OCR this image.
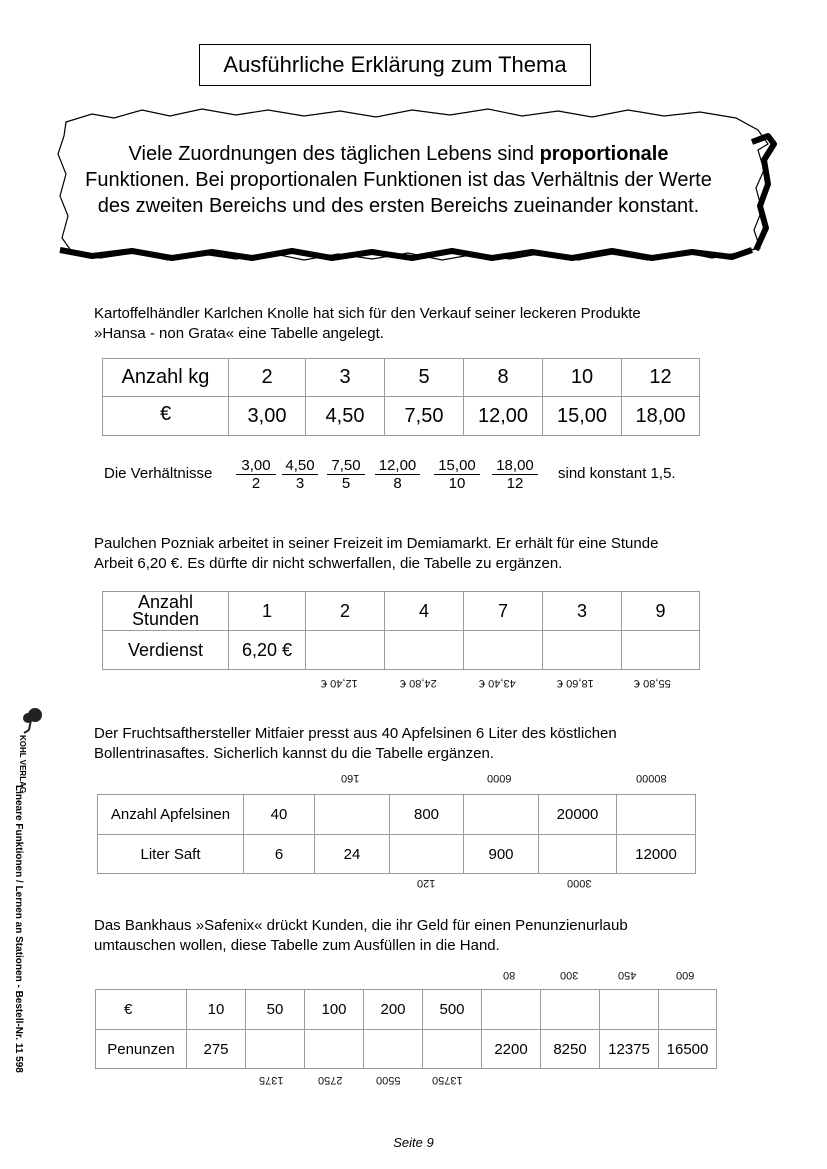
Ausführliche Erklärung zum Thema
Viele Zuordnungen des täglichen Lebens sind proportionale Funktionen. Bei proportionalen Funktionen ist das Verhältnis der Werte des zweiten Bereichs und des ersten Bereichs zueinander konstant.
Kartoffelhändler Karlchen Knolle hat sich für den Verkauf seiner leckeren Produkte »Hansa - non Grata« eine Tabelle angelegt.
Anzahl kg	2	3	5	8	10	12
€	3,00	4,50	7,50	12,00	15,00	18,00
Die Verhältnisse $\frac{3,00}{2} \frac{4,50}{3} \frac{7,50}{5} \frac{12,00}{8} \frac{15,00}{10} \frac{18,00}{12}$ sind konstant 1,5.
Paulchen Pozniak arbeitet in seiner Freizeit im Demiamarkt. Er erhält für eine Stunde Arbeit 6,20 €. Es dürfte dir nicht schwerfallen, die Tabelle zu ergänzen.
Anzahl
Stunden	1	2	4	7	3	9
Verdienst	6,20 €					
12,40 €	24,80 €	43,40 €	18,60 €	55,80 €
Der Fruchtsafthersteller Mitfaier presst aus 40 Apfelsinen 6 Liter des köstlichen Bollentrinasaftes. Sicherlich kannst du die Tabelle ergänzen.
160	6000	80000
Anzahl Apfelsinen	40		800		20000	
Liter Saft	6	24		900		12000
120	3000
Das Bankhaus »Safenix« drückt Kunden, die ihr Geld für einen Penunzienurlaub umtauschen wollen, diese Tabelle zum Ausfüllen in die Hand.
80	300	450	600
€	10	50	100	200	500				
Penunzen	275					2200	8250	12375	16500
1375	2750	5500	13750
KOHL VERLAG
Lineare Funktionen / Lernen an Stationen - Bestell-Nr. 11 598
Seite 9
